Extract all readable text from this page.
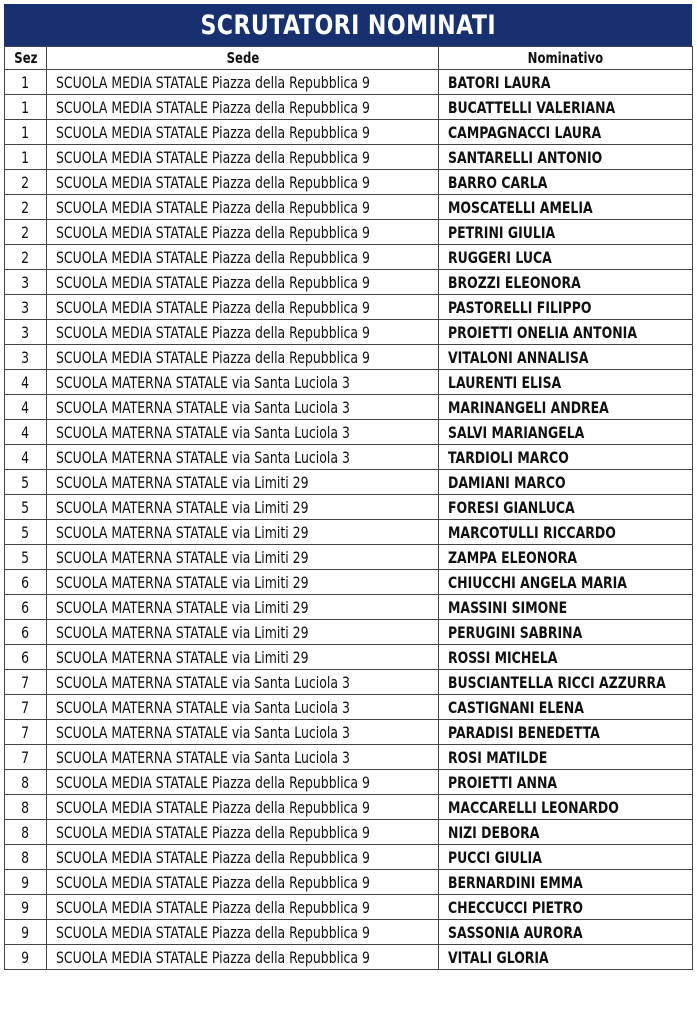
SCRUTATORI NOMINATI
Sez	Sede	Nominativo
1	SCUOLA MEDIA STATALE Piazza della Repubblica 9	BATORI LAURA
1	SCUOLA MEDIA STATALE Piazza della Repubblica 9	BUCATTELLI VALERIANA
1	SCUOLA MEDIA STATALE Piazza della Repubblica 9	CAMPAGNACCI LAURA
1	SCUOLA MEDIA STATALE Piazza della Repubblica 9	SANTARELLI ANTONIO
2	SCUOLA MEDIA STATALE Piazza della Repubblica 9	BARRO CARLA
2	SCUOLA MEDIA STATALE Piazza della Repubblica 9	MOSCATELLI AMELIA
2	SCUOLA MEDIA STATALE Piazza della Repubblica 9	PETRINI GIULIA
2	SCUOLA MEDIA STATALE Piazza della Repubblica 9	RUGGERI LUCA
3	SCUOLA MEDIA STATALE Piazza della Repubblica 9	BROZZI ELEONORA
3	SCUOLA MEDIA STATALE Piazza della Repubblica 9	PASTORELLI FILIPPO
3	SCUOLA MEDIA STATALE Piazza della Repubblica 9	PROIETTI ONELIA ANTONIA
3	SCUOLA MEDIA STATALE Piazza della Repubblica 9	VITALONI ANNALISA
4	SCUOLA MATERNA STATALE via Santa Luciola 3	LAURENTI ELISA
4	SCUOLA MATERNA STATALE via Santa Luciola 3	MARINANGELI ANDREA
4	SCUOLA MATERNA STATALE via Santa Luciola 3	SALVI MARIANGELA
4	SCUOLA MATERNA STATALE via Santa Luciola 3	TARDIOLI MARCO
5	SCUOLA MATERNA STATALE via Limiti 29	DAMIANI MARCO
5	SCUOLA MATERNA STATALE via Limiti 29	FORESI GIANLUCA
5	SCUOLA MATERNA STATALE via Limiti 29	MARCOTULLI RICCARDO
5	SCUOLA MATERNA STATALE via Limiti 29	ZAMPA ELEONORA
6	SCUOLA MATERNA STATALE via Limiti 29	CHIUCCHI ANGELA MARIA
6	SCUOLA MATERNA STATALE via Limiti 29	MASSINI SIMONE
6	SCUOLA MATERNA STATALE via Limiti 29	PERUGINI SABRINA
6	SCUOLA MATERNA STATALE via Limiti 29	ROSSI MICHELA
7	SCUOLA MATERNA STATALE via Santa Luciola 3	BUSCIANTELLA RICCI AZZURRA
7	SCUOLA MATERNA STATALE via Santa Luciola 3	CASTIGNANI ELENA
7	SCUOLA MATERNA STATALE via Santa Luciola 3	PARADISI BENEDETTA
7	SCUOLA MATERNA STATALE via Santa Luciola 3	ROSI MATILDE
8	SCUOLA MEDIA STATALE Piazza della Repubblica 9	PROIETTI ANNA
8	SCUOLA MEDIA STATALE Piazza della Repubblica 9	MACCARELLI LEONARDO
8	SCUOLA MEDIA STATALE Piazza della Repubblica 9	NIZI DEBORA
8	SCUOLA MEDIA STATALE Piazza della Repubblica 9	PUCCI GIULIA
9	SCUOLA MEDIA STATALE Piazza della Repubblica 9	BERNARDINI EMMA
9	SCUOLA MEDIA STATALE Piazza della Repubblica 9	CHECCUCCI PIETRO
9	SCUOLA MEDIA STATALE Piazza della Repubblica 9	SASSONIA AURORA
9	SCUOLA MEDIA STATALE Piazza della Repubblica 9	VITALI GLORIA
